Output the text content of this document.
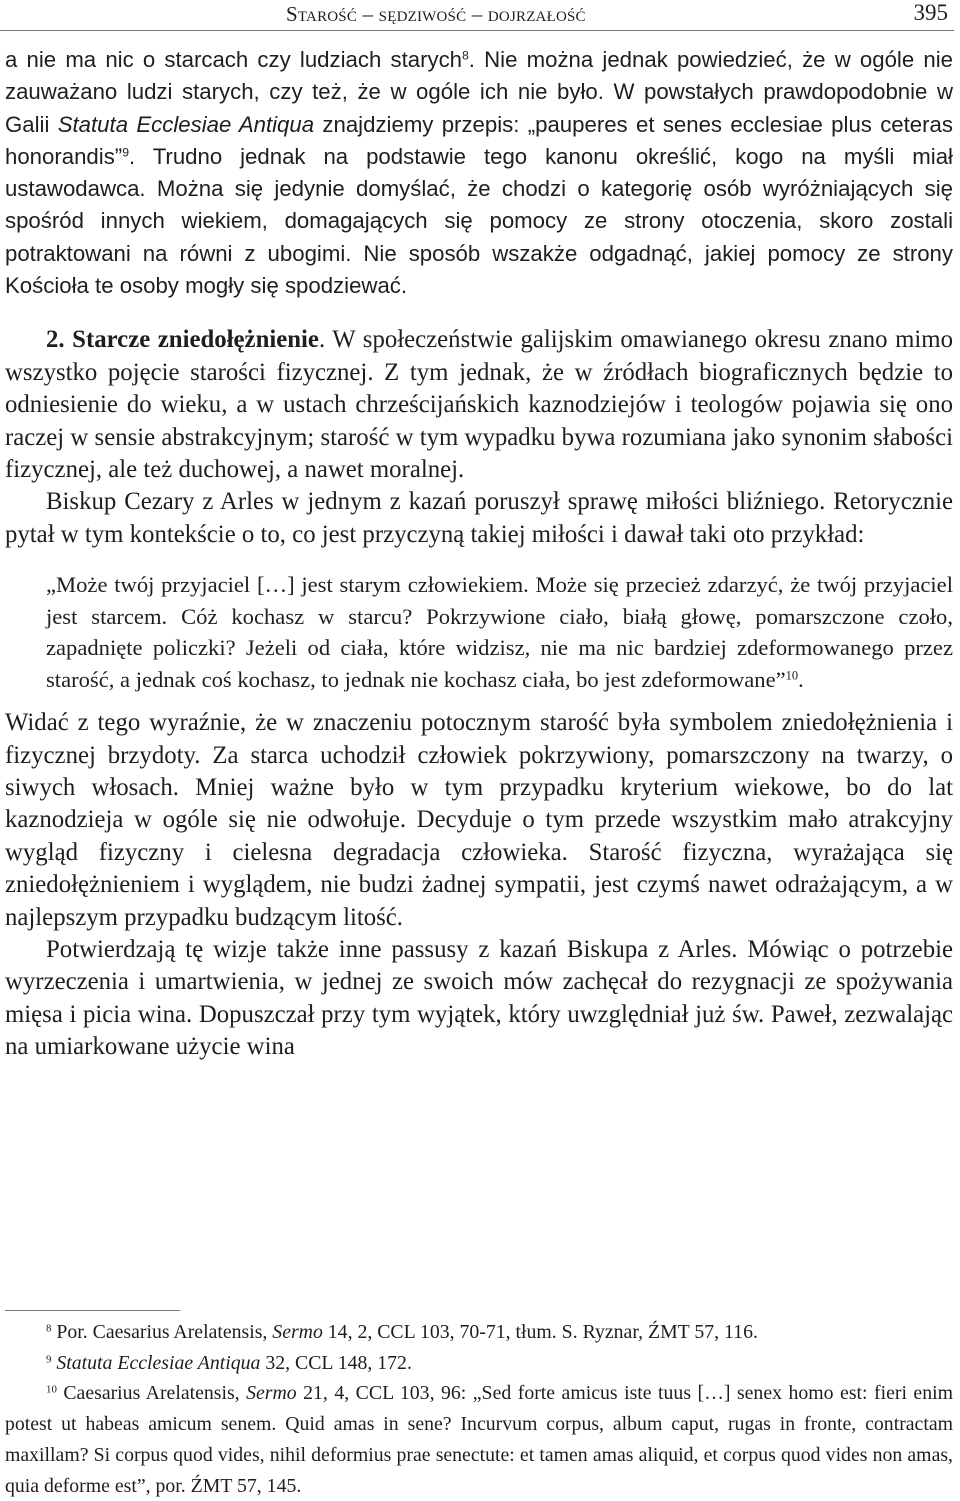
Starość – sędziwość – dojrzałość	395

a nie ma nic o starcach czy ludziach starych$^8$. Nie można jednak powiedzieć, że w ogóle nie zauważano ludzi starych, czy też, że w ogóle ich nie było. W powstałych prawdopodobnie w Galii Statuta Ecclesiae Antiqua znajdziemy przepis: „pauperes et senes ecclesiae plus ceteras honorandis”$^9$. Trudno jednak na podstawie tego kanonu określić, kogo na myśli miał ustawodawca. Można się jedynie domyślać, że chodzi o kategorię osób wyróżniających się spośród innych wiekiem, domagających się pomocy ze strony otoczenia, skoro zostali potraktowani na równi z ubogimi. Nie sposób wszakże odgadnąć, jakiej pomocy ze strony Kościoła te osoby mogły się spodziewać.

2. Starcze zniedołężnienie. W społeczeństwie galijskim omawianego okresu znano mimo wszystko pojęcie starości fizycznej. Z tym jednak, że w źródłach biograficznych będzie to odniesienie do wieku, a w ustach chrześcijańskich kaznodziejów i teologów pojawia się ono raczej w sensie abstrakcyjnym; starość w tym wypadku bywa rozumiana jako synonim słabości fizycznej, ale też duchowej, a nawet moralnej.

Biskup Cezary z Arles w jednym z kazań poruszył sprawę miłości bliźniego. Retorycznie pytał w tym kontekście o to, co jest przyczyną takiej miłości i dawał taki oto przykład:

„Może twój przyjaciel […] jest starym człowiekiem. Może się przecież zdarzyć, że twój przyjaciel jest starcem. Cóż kochasz w starcu? Pokrzywione ciało, białą głowę, pomarszczone czoło, zapadnięte policzki? Jeżeli od ciała, które widzisz, nie ma nic bardziej zdeformowanego przez starość, a jednak coś kochasz, to jednak nie kochasz ciała, bo jest zdeformowane”$^{10}$.

Widać z tego wyraźnie, że w znaczeniu potocznym starość była symbolem zniedołężnienia i fizycznej brzydoty. Za starca uchodził człowiek pokrzywiony, pomarszczony na twarzy, o siwych włosach. Mniej ważne było w tym przypadku kryterium wiekowe, bo do lat kaznodzieja w ogóle się nie odwołuje. Decyduje o tym przede wszystkim mało atrakcyjny wygląd fizyczny i cielesna degradacja człowieka. Starość fizyczna, wyrażająca się zniedołężnieniem i wyglądem, nie budzi żadnej sympatii, jest czymś nawet odrażającym, a w najlepszym przypadku budzącym litość.

Potwierdzają tę wizje także inne passusy z kazań Biskupa z Arles. Mówiąc o potrzebie wyrzeczenia i umartwienia, w jednej ze swoich mów zachęcał do rezygnacji ze spożywania mięsa i picia wina. Dopuszczał przy tym wyjątek, który uwzględniał już św. Paweł, zezwalając na umiarkowane użycie wina

$^8$ Por. Caesarius Arelatensis, Sermo 14, 2, CCL 103, 70-71, tłum. S. Ryznar, ŹMT 57, 116.

$^9$ Statuta Ecclesiae Antiqua 32, CCL 148, 172.

$^{10}$ Caesarius Arelatensis, Sermo 21, 4, CCL 103, 96: „Sed forte amicus iste tuus […] senex homo est: fieri enim potest ut habeas amicum senem. Quid amas in sene? Incurvum corpus, album caput, rugas in fronte, contractam maxillam? Si corpus quod vides, nihil deformius prae senectute: et tamen amas aliquid, et corpus quod vides non amas, quia deforme est”, por. ŹMT 57, 145.
